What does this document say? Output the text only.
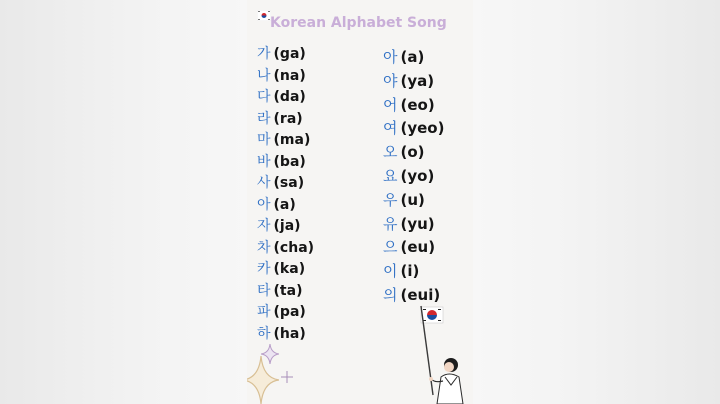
Korean Alphabet Song
가 (ga)
나 (na)
다 (da)
라 (ra)
마 (ma)
바 (ba)
사 (sa)
아 (a)
자 (ja)
차 (cha)
카 (ka)
타 (ta)
파 (pa)
하 (ha)
아 (a)
야 (ya)
어 (eo)
여 (yeo)
오 (o)
요 (yo)
우 (u)
유 (yu)
으 (eu)
이 (i)
의 (eui)
